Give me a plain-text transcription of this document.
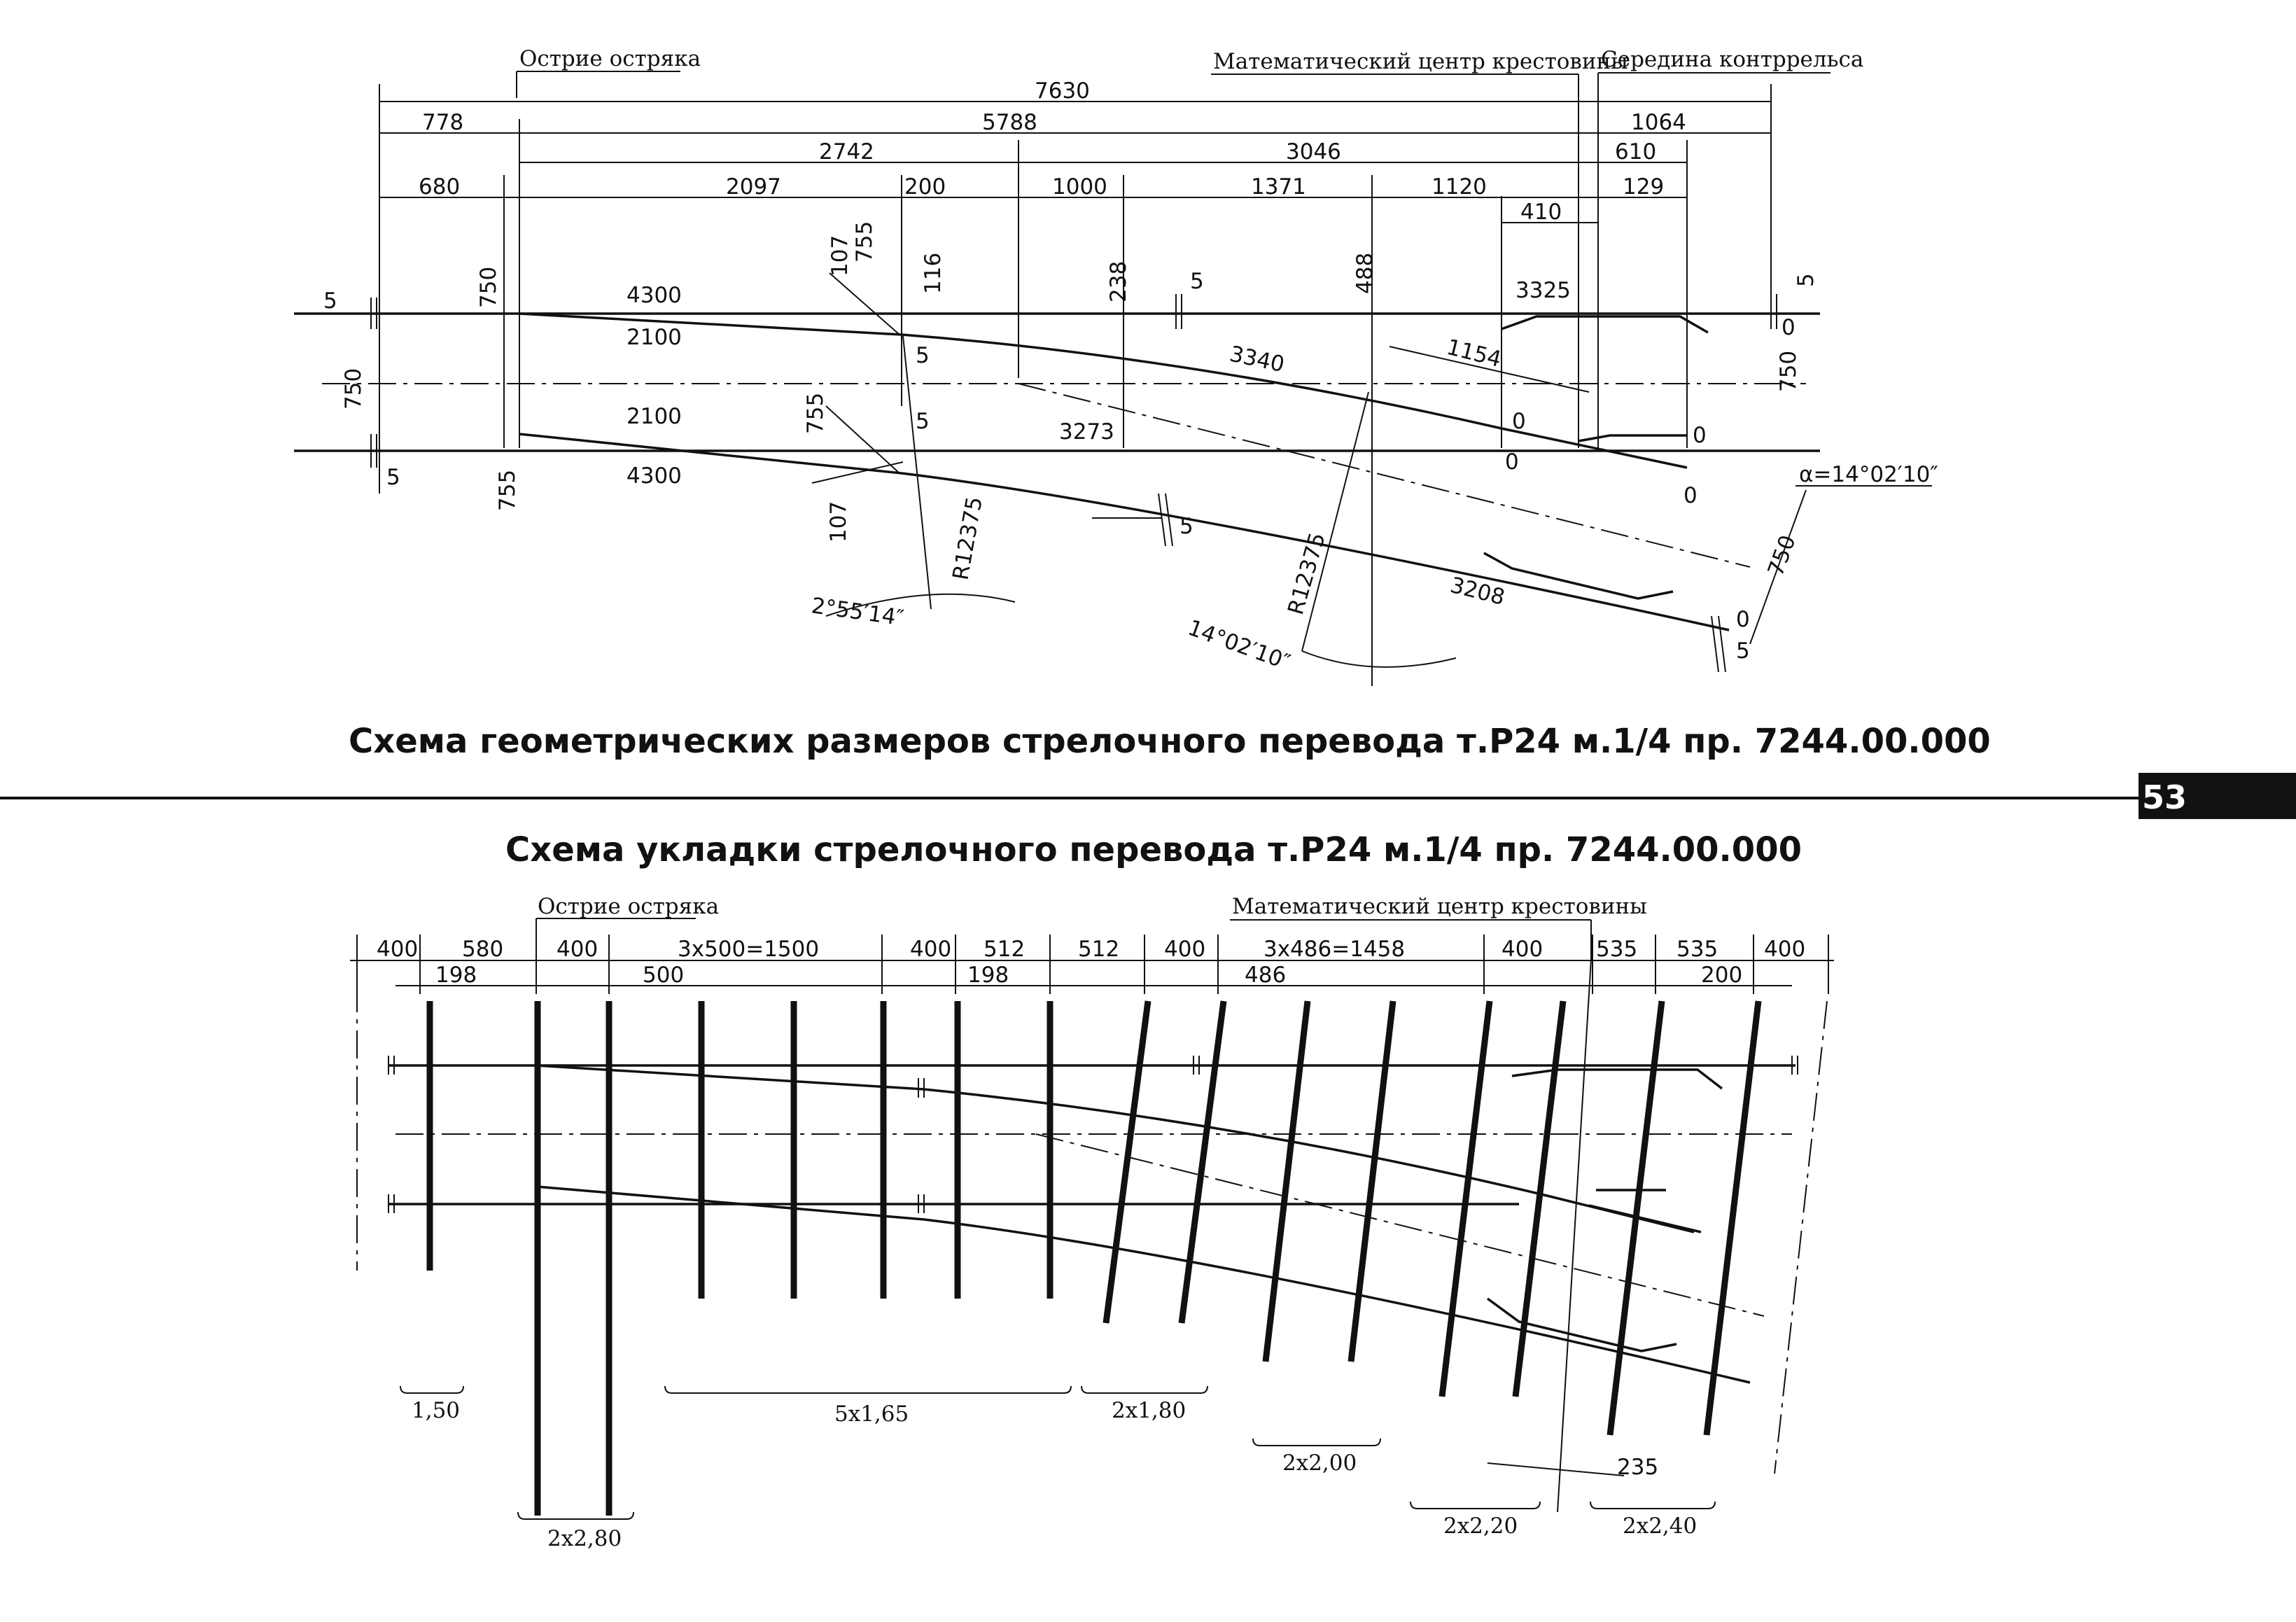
Острие остряка	Математический центр крестовины
Середина контррельса
7630
778	5788	1064
2742	3046	610
680	2097	200	1000	1371	1120	129
410
5	750
750
5	755
4300
2100
2100
4300
107 755
116
5
755	5
107	R12375
2°55′14″
238	5	488	3325	5
0
750
3340	1154
3273	0
0
0
0
α=14°02′10″
5
R12375	3208
14°02′10″
750
0
5
Схема геометрических размеров стрелочного перевода т.Р24 м.1/4 пр. 7244.00.000
53
Схема укладки стрелочного перевода т.Р24 м.1/4 пр. 7244.00.000
Острие остряка	Математический центр крестовины
400 580 400	3x500=1500	400 512 512 400	3x486=1458	400 535 535 400
198	500	198	486	200
1,50	5x1,65	2x1,80
2x2,00
2x2,20	2x2,40
2x2,80
235
